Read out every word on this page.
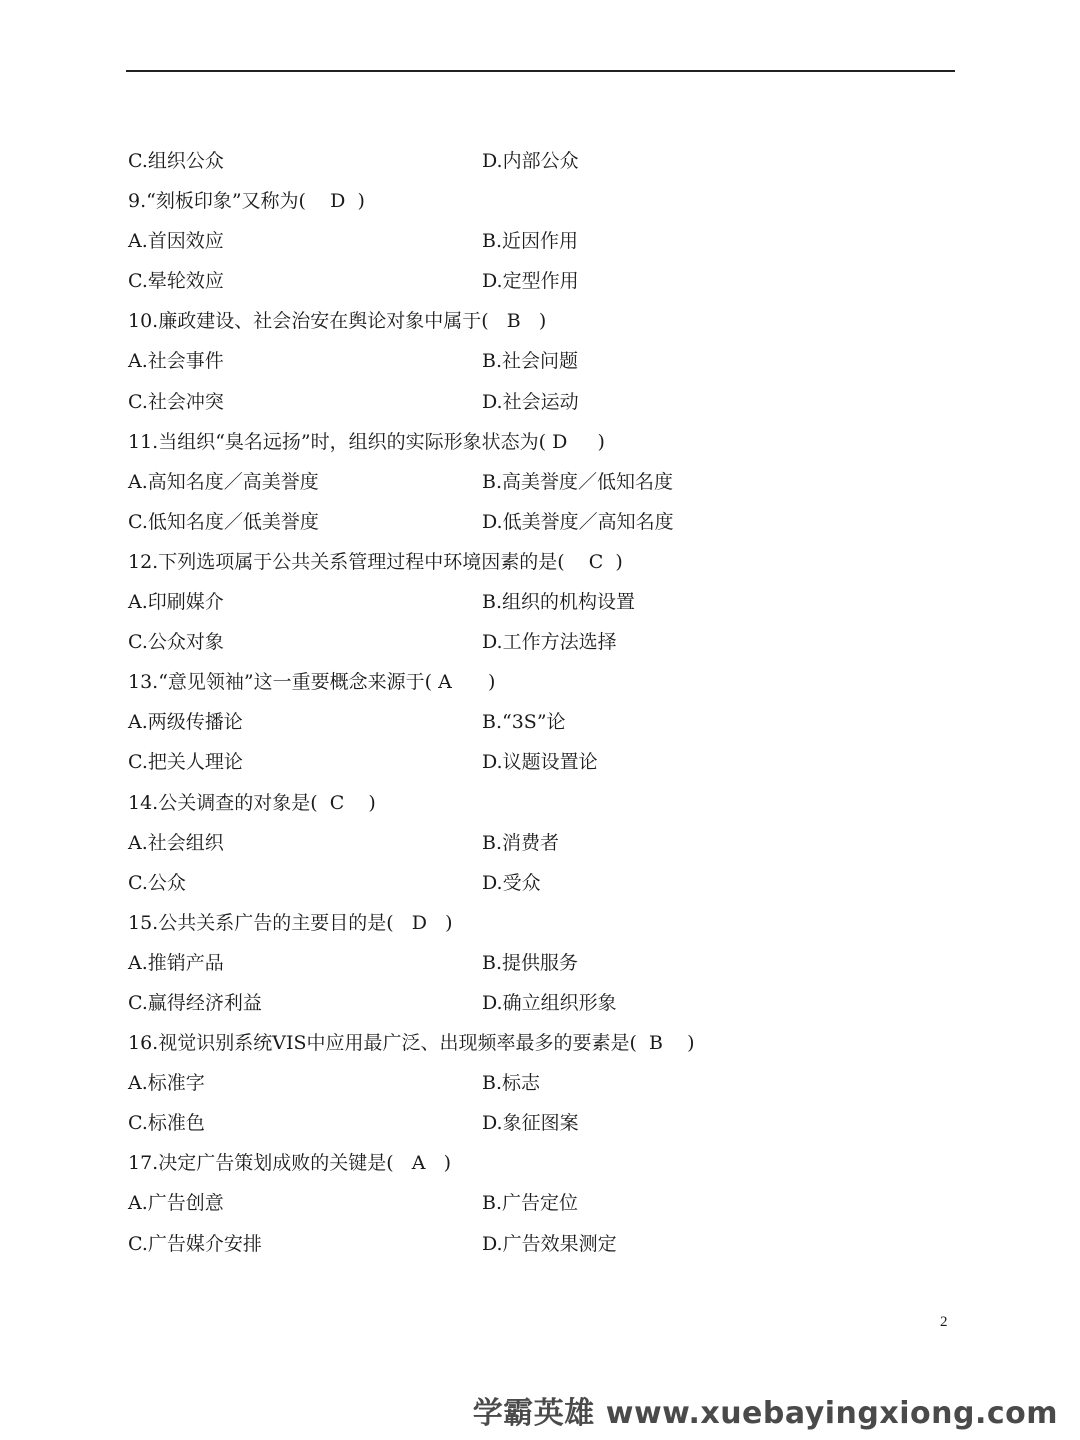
C.组织公众	D.内部公众
9.“刻板印象”又称为(    D  )
A.首因效应	B.近因作用
C.晕轮效应	D.定型作用
10.廉政建设、社会治安在舆论对象中属于(   B   )
A.社会事件	B.社会问题
C.社会冲突	D.社会运动
11.当组织“臭名远扬”时，组织的实际形象状态为( D     )
A.高知名度／高美誉度	B.高美誉度／低知名度
C.低知名度／低美誉度	D.低美誉度／高知名度
12.下列选项属于公共关系管理过程中环境因素的是(    C  )
A.印刷媒介	B.组织的机构设置
C.公众对象	D.工作方法选择
13.“意见领袖”这一重要概念来源于( A      )
A.两级传播论	B.“3S”论
C.把关人理论	D.议题设置论
14.公关调查的对象是(  C    )
A.社会组织	B.消费者
C.公众	D.受众
15.公共关系广告的主要目的是(   D   )
A.推销产品	B.提供服务
C.赢得经济利益	D.确立组织形象
16.视觉识别系统VIS中应用最广泛、出现频率最多的要素是(  B    )
A.标准字	B.标志
C.标准色	D.象征图案
17.决定广告策划成败的关键是(   A   )
A.广告创意	B.广告定位
C.广告媒介安排	D.广告效果测定
2
学霸英雄 www.xuebayingxiong.com
